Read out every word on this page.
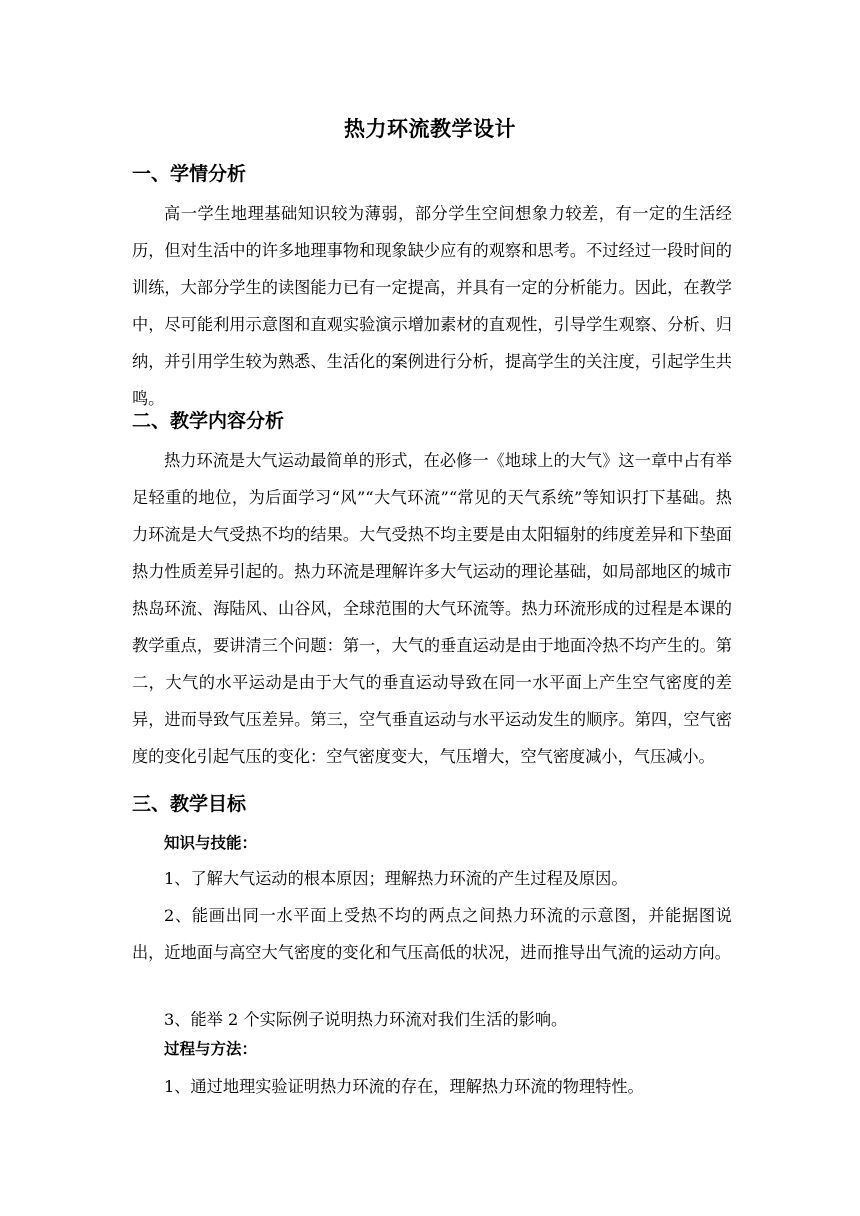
热力环流教学设计
一、学情分析
高一学生地理基础知识较为薄弱，部分学生空间想象力较差，有一定的生活经历，但对生活中的许多地理事物和现象缺少应有的观察和思考。不过经过一段时间的训练，大部分学生的读图能力已有一定提高，并具有一定的分析能力。因此，在教学中，尽可能利用示意图和直观实验演示增加素材的直观性，引导学生观察、分析、归纳，并引用学生较为熟悉、生活化的案例进行分析，提高学生的关注度，引起学生共鸣。
二、教学内容分析
热力环流是大气运动最简单的形式，在必修一《地球上的大气》这一章中占有举足轻重的地位，为后面学习“风”“大气环流”“常见的天气系统”等知识打下基础。热力环流是大气受热不均的结果。大气受热不均主要是由太阳辐射的纬度差异和下垫面热力性质差异引起的。热力环流是理解许多大气运动的理论基础，如局部地区的城市热岛环流、海陆风、山谷风，全球范围的大气环流等。热力环流形成的过程是本课的教学重点，要讲清三个问题：第一，大气的垂直运动是由于地面冷热不均产生的。第二，大气的水平运动是由于大气的垂直运动导致在同一水平面上产生空气密度的差异，进而导致气压差异。第三，空气垂直运动与水平运动发生的顺序。第四，空气密度的变化引起气压的变化：空气密度变大，气压增大，空气密度减小，气压减小。
三、教学目标
知识与技能：
1、了解大气运动的根本原因；理解热力环流的产生过程及原因。
2、能画出同一水平面上受热不均的两点之间热力环流的示意图，并能据图说出，近地面与高空大气密度的变化和气压高低的状况，进而推导出气流的运动方向。
3、能举 2 个实际例子说明热力环流对我们生活的影响。
过程与方法：
1、通过地理实验证明热力环流的存在，理解热力环流的物理特性。
